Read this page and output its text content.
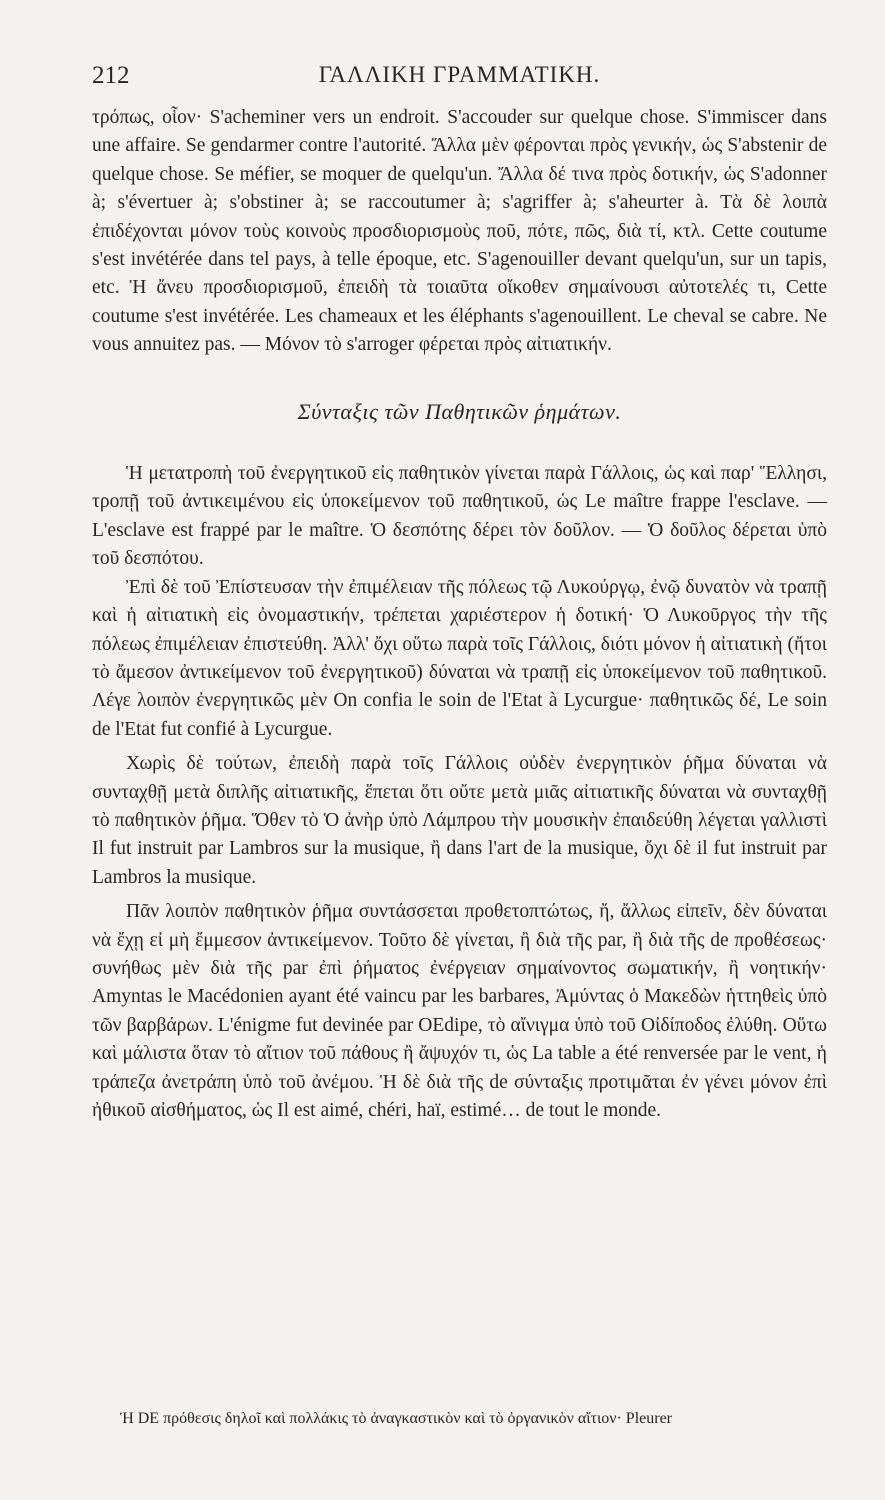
212	ΓΑΛΛΙΚΗ ΓΡΑΜΜΑΤΙΚΗ.

τρόπως, οἷον· S'acheminer vers un endroit. S'accouder sur quelque chose. S'immiscer dans une affaire. Se gendarmer contre l'autorité. Ἄλλα μὲν φέρονται πρὸς γενικήν, ὡς S'abstenir de quelque chose. Se méfier, se moquer de quelqu'un. Ἄλλα δέ τινα πρὸς δοτικήν, ὡς S'adonner à; s'évertuer à; s'obstiner à; se raccoutumer à; s'agriffer à; s'aheurter à. Τὰ δὲ λοιπὰ ἐπιδέχονται μόνον τοὺς κοινοὺς προσδιορισμοὺς ποῦ, πότε, πῶς, διὰ τί, κτλ. Cette coutume s'est invétérée dans tel pays, à telle époque, etc. S'agenouiller devant quelqu'un, sur un tapis, etc. Ἡ ἄνευ προσδιορισμοῦ, ἐπειδὴ τὰ τοιαῦτα οἴκοθεν σημαίνουσι αὐτοτελές τι, Cette coutume s'est invétérée. Les chameaux et les éléphants s'agenouillent. Le cheval se cabre. Ne vous annuitez pas. — Μόνον τὸ s'arroger φέρεται πρὸς αἰτιατικήν.

Σύνταξις τῶν Παθητικῶν ῥημάτων.

Ἡ μετατροπὴ τοῦ ἐνεργητικοῦ εἰς παθητικὸν γίνεται παρὰ Γάλλοις, ὡς καὶ παρ' Ἕλλησι, τροπῇ τοῦ ἀντικειμένου εἰς ὑποκείμενον τοῦ παθητικοῦ, ὡς Le maître frappe l'esclave. — L'esclave est frappé par le maître. Ὁ δεσπότης δέρει τὸν δοῦλον. — Ὁ δοῦλος δέρεται ὑπὸ τοῦ δεσπότου.

Ἐπὶ δὲ τοῦ Ἐπίστευσαν τὴν ἐπιμέλειαν τῆς πόλεως τῷ Λυκούργῳ, ἐνῷ δυνατὸν νὰ τραπῇ καὶ ἡ αἰτιατικὴ εἰς ὀνομαστικήν, τρέπεται χαριέστερον ἡ δοτική· Ὁ Λυκοῦργος τὴν τῆς πόλεως ἐπιμέλειαν ἐπιστεύθη. Ἀλλ' ὄχι οὕτω παρὰ τοῖς Γάλλοις, διότι μόνον ἡ αἰτιατικὴ (ἤτοι τὸ ἄμεσον ἀντικείμενον τοῦ ἐνεργητικοῦ) δύναται νὰ τραπῇ εἰς ὑποκείμενον τοῦ παθητικοῦ. Λέγε λοιπὸν ἐνεργητικῶς μὲν On confia le soin de l'Etat à Lycurgue· παθητικῶς δέ, Le soin de l'Etat fut confié à Lycurgue.

Χωρὶς δὲ τούτων, ἐπειδὴ παρὰ τοῖς Γάλλοις οὐδὲν ἐνεργητικὸν ῥῆμα δύναται νὰ συνταχθῇ μετὰ διπλῆς αἰτιατικῆς, ἕπεται ὅτι οὔτε μετὰ μιᾶς αἰτιατικῆς δύναται νὰ συνταχθῇ τὸ παθητικὸν ῥῆμα. Ὅθεν τὸ Ὁ ἀνὴρ ὑπὸ Λάμπρου τὴν μουσικὴν ἐπαιδεύθη λέγεται γαλλιστὶ Il fut instruit par Lambros sur la musique, ἢ dans l'art de la musique, ὄχι δὲ il fut instruit par Lambros la musique.

Πᾶν λοιπὸν παθητικὸν ῥῆμα συντάσσεται προθετοπτώτως, ἤ, ἄλλως εἰπεῖν, δὲν δύναται νὰ ἔχῃ εἰ μὴ ἔμμεσον ἀντικείμενον. Τοῦτο δὲ γίνεται, ἢ διὰ τῆς par, ἢ διὰ τῆς de προθέσεως· συνήθως μὲν διὰ τῆς par ἐπὶ ῥήματος ἐνέργειαν σημαίνοντος σωματικήν, ἢ νοητικήν· Amyntas le Macédonien ayant été vaincu par les barbares, Ἀμύντας ὁ Μακεδὼν ἡττηθεὶς ὑπὸ τῶν βαρβάρων. L'énigme fut devinée par OEdipe, τὸ αἴνιγμα ὑπὸ τοῦ Οἰδίποδος ἐλύθη. Οὕτω καὶ μάλιστα ὅταν τὸ αἴτιον τοῦ πάθους ἢ ἄψυχόν τι, ὡς La table a été renversée par le vent, ἡ τράπεζα ἀνετράπη ὑπὸ τοῦ ἀνέμου. Ἡ δὲ διὰ τῆς de σύνταξις προτιμᾶται ἐν γένει μόνον ἐπὶ ἠθικοῦ αἰσθήματος, ὡς Il est aimé, chéri, haï, estimé… de tout le monde.

Ἡ DE πρόθεσις δηλοῖ καὶ πολλάκις τὸ ἀναγκαστικὸν καὶ τὸ ὀργανικὸν αἴτιον· Pleurer
